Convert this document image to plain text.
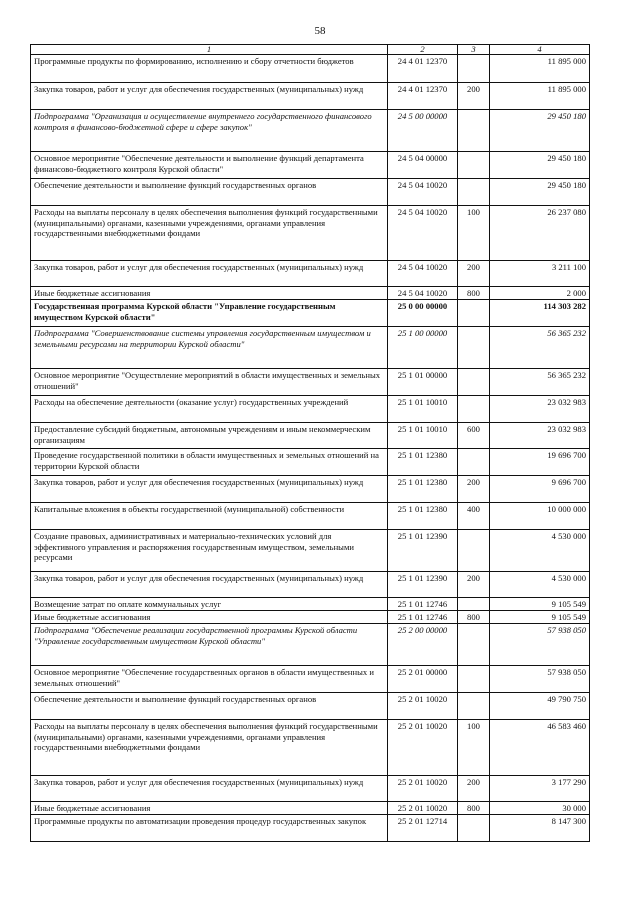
58
1	2	3	4
Программные продукты по формированию, исполнению и сбору отчетности бюджетов	24 4 01 12370		11 895 000
Закупка товаров, работ и услуг для обеспечения государственных (муниципальных) нужд	24 4 01 12370	200	11 895 000
Подпрограмма "Организация и осуществление внутреннего государственного финансового контроля в финансово-бюджетной сфере и сфере закупок"	24 5 00 00000		29 450 180
Основное мероприятие "Обеспечение деятельности и выполнение функций департамента финансово-бюджетного контроля Курской области"	24 5 04 00000		29 450 180
Обеспечение деятельности и выполнение функций государственных органов	24 5 04 10020		29 450 180
Расходы на выплаты персоналу в целях обеспечения выполнения функций государственными (муниципальными) органами, казенными учреждениями, органами управления государственными внебюджетными фондами	24 5 04 10020	100	26 237 080
Закупка товаров, работ и услуг для обеспечения государственных (муниципальных) нужд	24 5 04 10020	200	3 211 100
Иные бюджетные ассигнования	24 5 04 10020	800	2 000
Государственная программа Курской области "Управление государственным имуществом Курской области"	25 0 00 00000		114 303 282
Подпрограмма "Совершенствование системы управления государственным имуществом и земельными ресурсами на территории Курской области"	25 1 00 00000		56 365 232
Основное мероприятие "Осуществление мероприятий в области имущественных и земельных отношений"	25 1 01 00000		56 365 232
Расходы на обеспечение деятельности (оказание услуг) государственных учреждений	25 1 01 10010		23 032 983
Предоставление субсидий бюджетным, автономным учреждениям и иным некоммерческим организациям	25 1 01 10010	600	23 032 983
Проведение государственной политики в области имущественных и земельных отношений на территории Курской области	25 1 01 12380		19 696 700
Закупка товаров, работ и услуг для обеспечения государственных (муниципальных) нужд	25 1 01 12380	200	9 696 700
Капитальные вложения в объекты государственной (муниципальной) собственности	25 1 01 12380	400	10 000 000
Создание правовых, административных и материально-технических условий для эффективного управления и распоряжения государственным имуществом, земельными ресурсами	25 1 01 12390		4 530 000
Закупка товаров, работ и услуг для обеспечения государственных (муниципальных) нужд	25 1 01 12390	200	4 530 000
Возмещение затрат по оплате коммунальных услуг	25 1 01 12746		9 105 549
Иные бюджетные ассигнования	25 1 01 12746	800	9 105 549
Подпрограмма "Обеспечение реализации государственной программы Курской области "Управление государственным имуществом Курской области"	25 2 00 00000		57 938 050
Основное мероприятие "Обеспечение государственных органов в области имущественных и земельных отношений"	25 2 01 00000		57 938 050
Обеспечение деятельности и выполнение функций государственных органов	25 2 01 10020		49 790 750
Расходы на выплаты персоналу в целях обеспечения выполнения функций государственными (муниципальными) органами, казенными учреждениями, органами управления государственными внебюджетными фондами	25 2 01 10020	100	46 583 460
Закупка товаров, работ и услуг для обеспечения государственных (муниципальных) нужд	25 2 01 10020	200	3 177 290
Иные бюджетные ассигнования	25 2 01 10020	800	30 000
Программные продукты по автоматизации проведения процедур государственных закупок	25 2 01 12714		8 147 300
